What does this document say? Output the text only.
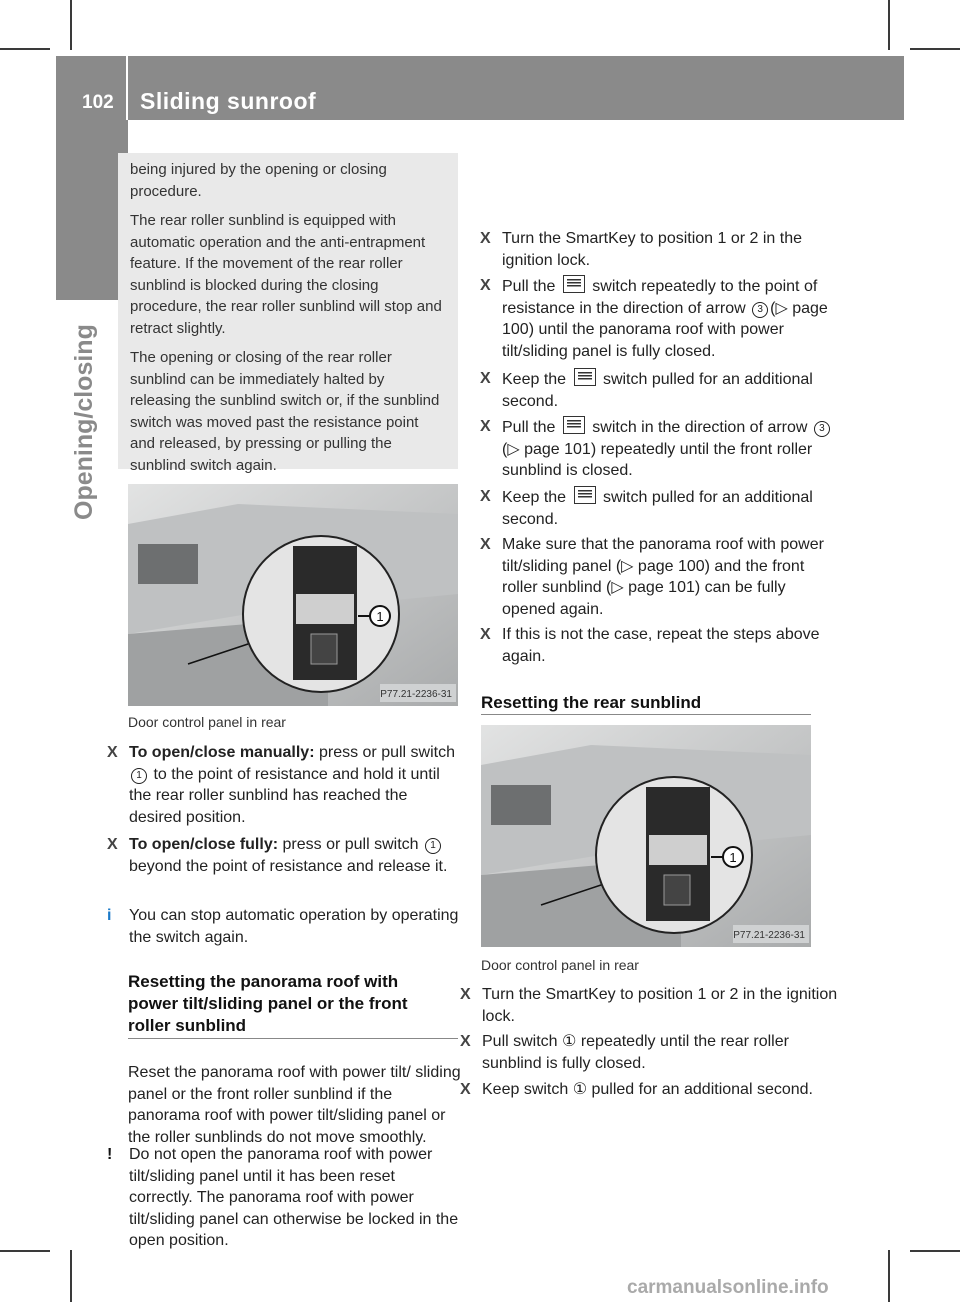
102 Sliding sunroof
Opening/closing

being injured by the opening or closing procedure.

The rear roller sunblind is equipped with automatic operation and the anti-entrapment feature. If the movement of the rear roller sunblind is blocked during the closing procedure, the rear roller sunblind will stop and retract slightly.

The opening or closing of the rear roller sunblind can be immediately halted by releasing the sunblind switch or, if the sunblind switch was moved past the resistance point and released, by pressing or pulling the sunblind switch again.

1
P77.21-2236-31
Door control panel in rear
X To open/close manually: press or pull switch 1 to the point of resistance and hold it until the rear roller sunblind has reached the desired position.
X To open/close fully: press or pull switch 1 beyond the point of resistance and release it.
i You can stop automatic operation by operating the switch again.
Resetting the panorama roof with power tilt/sliding panel or the front roller sunblind
Reset the panorama roof with power tilt/ sliding panel or the front roller sunblind if the panorama roof with power tilt/sliding panel or the roller sunblinds do not move smoothly.
! Do not open the panorama roof with power tilt/sliding panel until it has been reset correctly. The panorama roof with power tilt/sliding panel can otherwise be locked in the open position.
X Turn the SmartKey to position 1 or 2 in the ignition lock.
X Pull the  switch repeatedly to the point of resistance in the direction of arrow 3 (▷ page 100) until the panorama roof with power tilt/sliding panel is fully closed.
X Keep the  switch pulled for an additional second.
X Pull the  switch in the direction of arrow 3(▷ page 101) repeatedly until the front roller sunblind is closed.
X Keep the  switch pulled for an additional second.
X Make sure that the panorama roof with power tilt/sliding panel (▷ page 100) and the front roller sunblind (▷ page 101) can be fully opened again.
X If this is not the case, repeat the steps above again.
Resetting the rear sunblind
1
P77.21-2236-31
Door control panel in rear
X Turn the SmartKey to position 1 or 2 in the ignition lock.
X Pull switch ① repeatedly until the rear roller sunblind is fully closed.
X Keep switch ① pulled for an additional second.
carmanualsonline.info
